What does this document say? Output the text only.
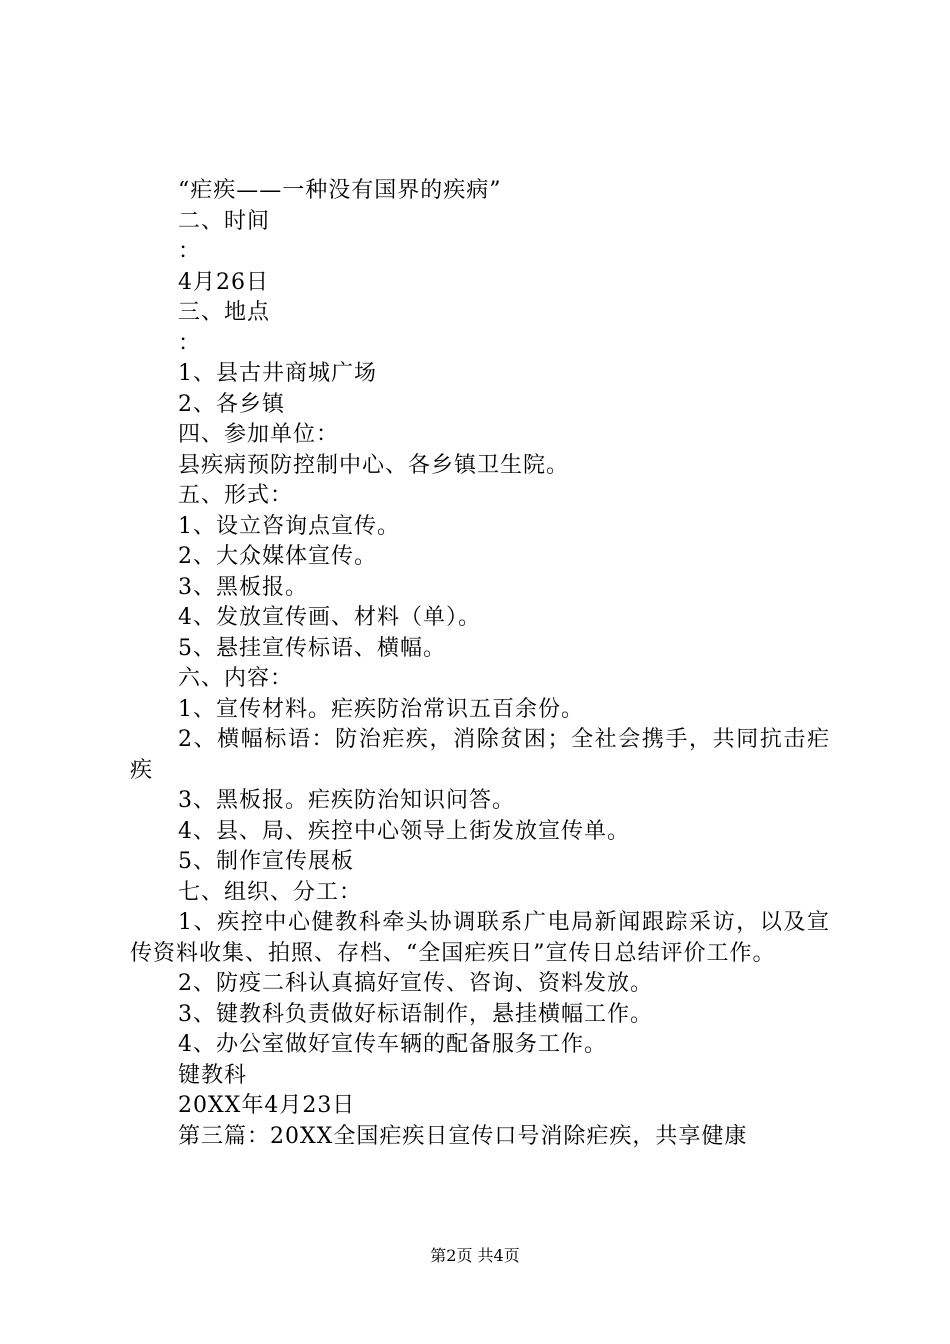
“疟疾——一种没有国界的疾病”
二、时间
：
4月26日
三、地点
：
1、县古井商城广场
2、各乡镇
四、参加单位：
县疾病预防控制中心、各乡镇卫生院。
五、形式：
1、设立咨询点宣传。
2、大众媒体宣传。
3、黑板报。
4、发放宣传画、材料（单）。
5、悬挂宣传标语、横幅。
六、内容：
1、宣传材料。疟疾防治常识五百余份。
2、横幅标语：防治疟疾，消除贫困；全社会携手，共同抗击疟疾
3、黑板报。疟疾防治知识问答。
4、县、局、疾控中心领导上街发放宣传单。
5、制作宣传展板
七、组织、分工：
1、疾控中心健教科牵头协调联系广电局新闻跟踪采访，以及宣传资料收集、拍照、存档、“全国疟疾日”宣传日总结评价工作。
2、防疫二科认真搞好宣传、咨询、资料发放。
3、键教科负责做好标语制作，悬挂横幅工作。
4、办公室做好宣传车辆的配备服务工作。
键教科
20XX年4月23日
第三篇：20XX全国疟疾日宣传口号消除疟疾，共享健康
第2页 共4页
